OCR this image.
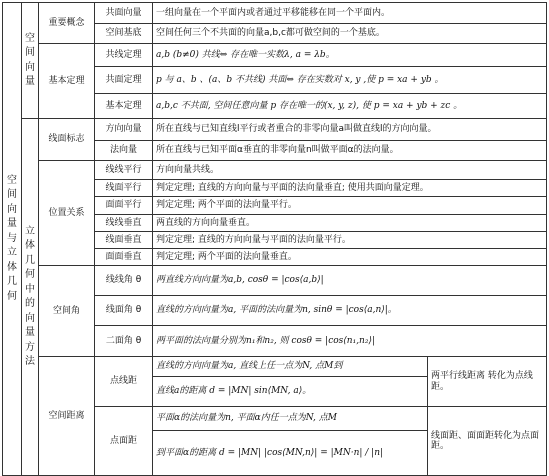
空间向量与立体几何	空间向量	重要概念	共面向量	一组向量在一个平面内或者通过平移能移在同一个平面内。	
			空间基底	空间任何三个不共面的向量a,b,c都可做空间的一个基底。	
		基本定理	共线定理	a,b (b≠0) 共线⇔ 存在唯一实数λ, a = λb。	
			共面定理	p 与 a、b 、(a、b 不共线) 共面⇔ 存在实数对 x, y ,使 p = xa + yb 。	
			基本定理	a,b,c 不共面, 空间任意向量 p 存在唯一的(x, y, z), 使 p = xa + yb + zc 。	
	立体几何中的向量方法	线面标志	方向向量	所在直线与已知直线l平行或者重合的非零向量a叫做直线l的方向向量。	
			法向量	所在直线与已知平面α垂直的非零向量n叫做平面α的法向量。	
		位置关系	线线平行	方向向量共线。	
			线面平行	判定定理; 直线的方向向量与平面的法向量垂直; 使用共面向量定理。	
			面面平行	判定定理; 两个平面的法向量平行。	
			线线垂直	两直线的方向向量垂直。	
			线面垂直	判定定理; 直线的方向向量与平面的法向量平行。	
			面面垂直	判定定理; 两个平面的法向量垂直。	
		空间角	线线角 θ	两直线方向向量为a,b, cosθ = |cos⟨a,b⟩|	
			线面角 θ	直线的方向向量为a, 平面的法向量为n, sinθ = |cos⟨a,n⟩|。	
			二面角 θ	两平面的法向量分别为n₁和n₂, 则 cosθ = |cos⟨n₁,n₂⟩|	
		空间距离	点线距	直线的方向向量为a, 直线上任一点为N, 点M到	两平行线距离 转化为点线距。
				直线a的距离 d = |MN| sin⟨MN, a⟩。	
			点面距	平面α的法向量为n, 平面α内任一点为N, 点M	线面距、面面距转化为点面距。
				到平面α的距离 d = |MN| |cos⟨MN,n⟩| = |MN·n| / |n|	
